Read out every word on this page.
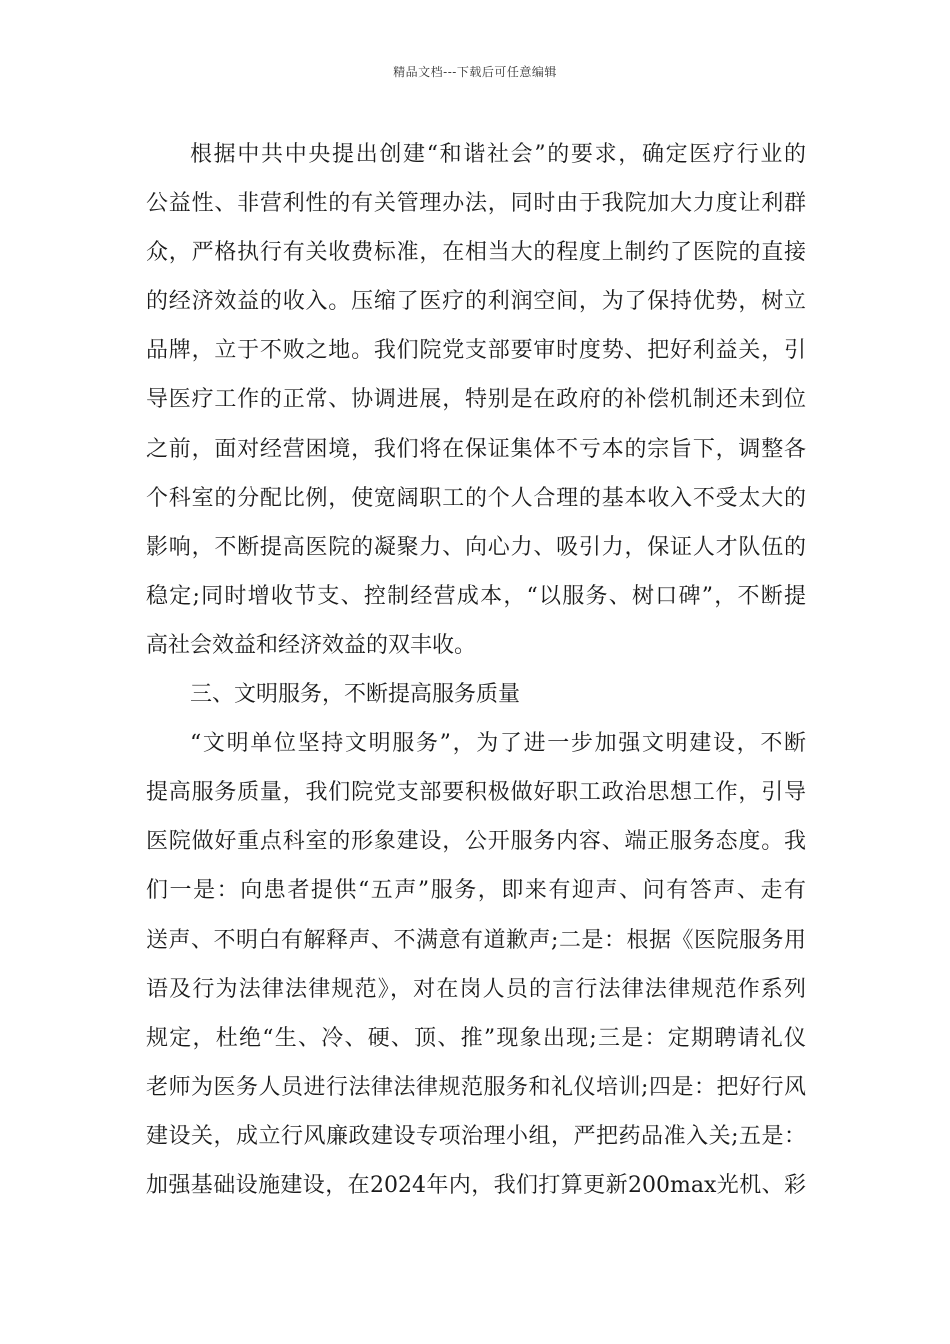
精品文档---下载后可任意编辑
根据中共中央提出创建“和谐社会”的要求，确定医疗行业的
公益性、非营利性的有关管理办法，同时由于我院加大力度让利群
众，严格执行有关收费标准，在相当大的程度上制约了医院的直接
的经济效益的收入。压缩了医疗的利润空间，为了保持优势，树立
品牌，立于不败之地。我们院党支部要审时度势、把好利益关，引
导医疗工作的正常、协调进展，特别是在政府的补偿机制还未到位
之前，面对经营困境，我们将在保证集体不亏本的宗旨下，调整各
个科室的分配比例，使宽阔职工的个人合理的基本收入不受太大的
影响，不断提高医院的凝聚力、向心力、吸引力，保证人才队伍的
稳定;同时增收节支、控制经营成本，“以服务、树口碑”，不断提
高社会效益和经济效益的双丰收。
三、文明服务，不断提高服务质量
“文明单位坚持文明服务”，为了进一步加强文明建设，不断
提高服务质量，我们院党支部要积极做好职工政治思想工作，引导
医院做好重点科室的形象建设，公开服务内容、端正服务态度。我
们一是：向患者提供“五声”服务，即来有迎声、问有答声、走有
送声、不明白有解释声、不满意有道歉声;二是：根据《医院服务用
语及行为法律法律规范》，对在岗人员的言行法律法律规范作系列
规定，杜绝“生、冷、硬、顶、推”现象出现;三是：定期聘请礼仪
老师为医务人员进行法律法律规范服务和礼仪培训;四是：把好行风
建设关，成立行风廉政建设专项治理小组，严把药品准入关;五是：
加强基础设施建设，在2024年内，我们打算更新200max光机、彩
